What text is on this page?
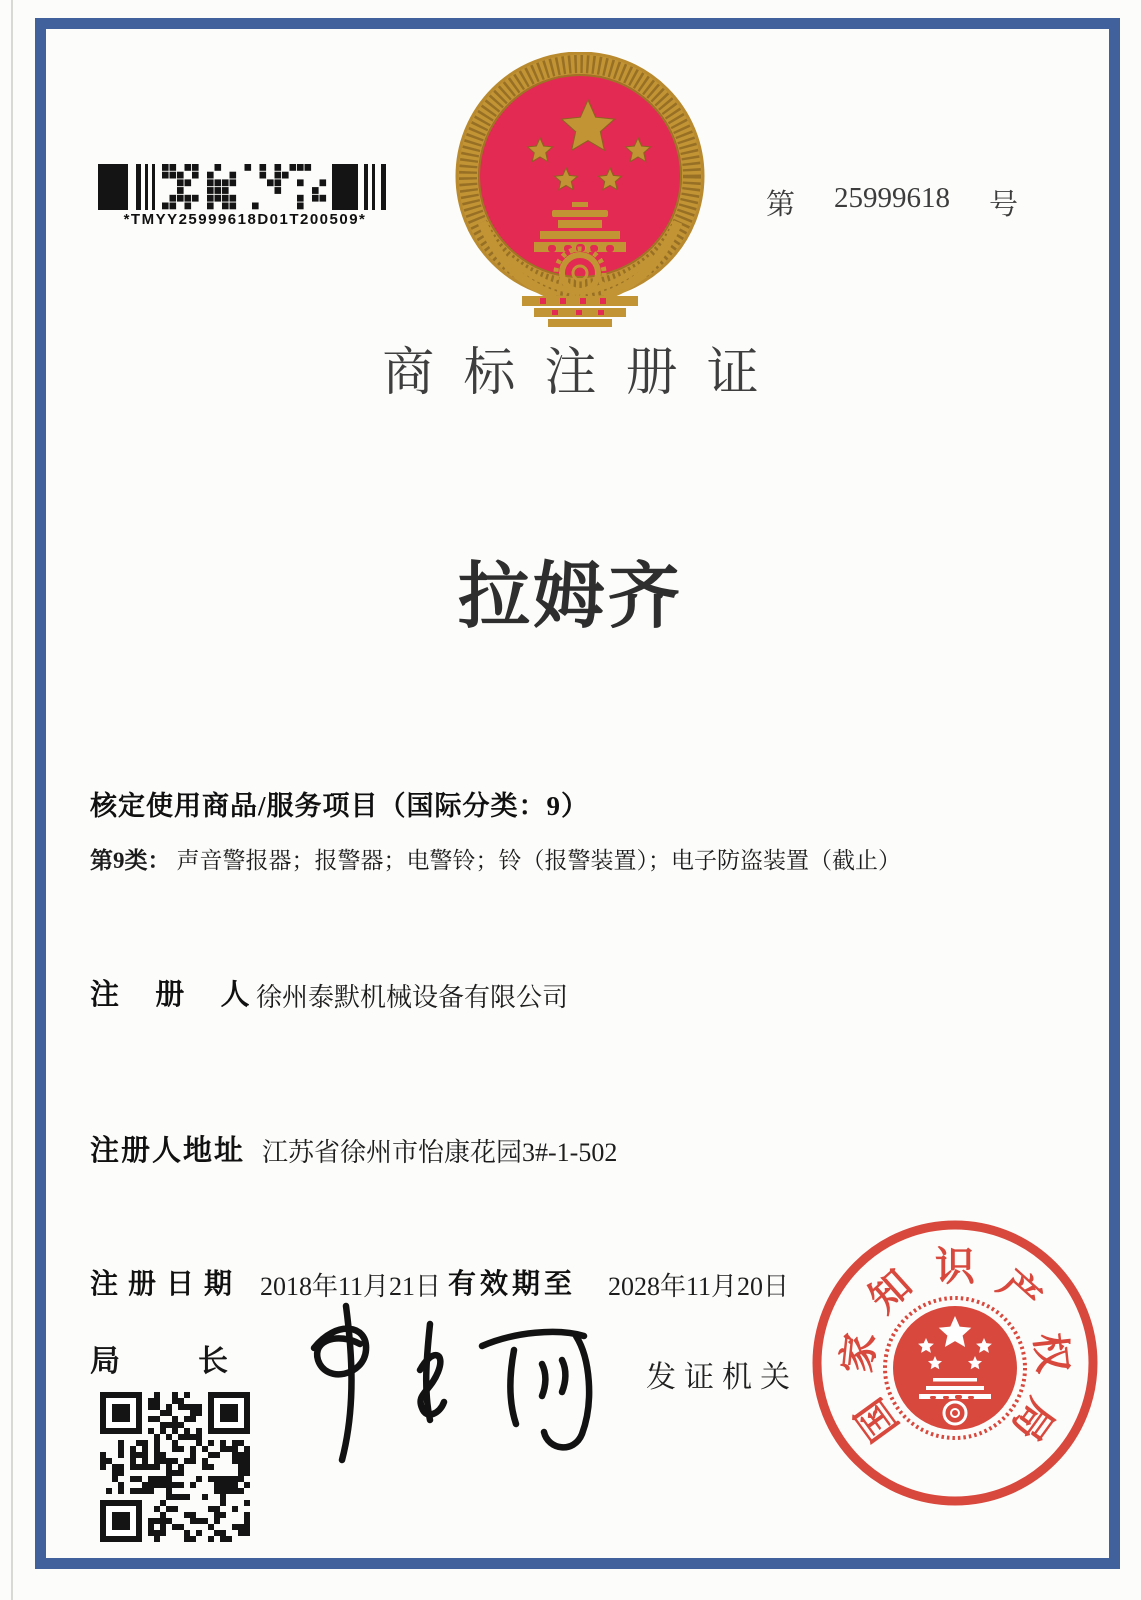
*TMYY25999618D01T200509*	第 25999618 号
商标注册证
拉姆齐
核定使用商品/服务项目（国际分类：9）
第9类： 声音警报器；报警器；电警铃；铃（报警装置）；电子防盗装置（截止）
注册人
徐州泰默机械设备有限公司
注册人地址 江苏省徐州市怡康花园3#-1-502
注册日期 2018年11月21日 有效期至 2028年11月20日
局长	发证机关
国
家
知 识 产
权
局
